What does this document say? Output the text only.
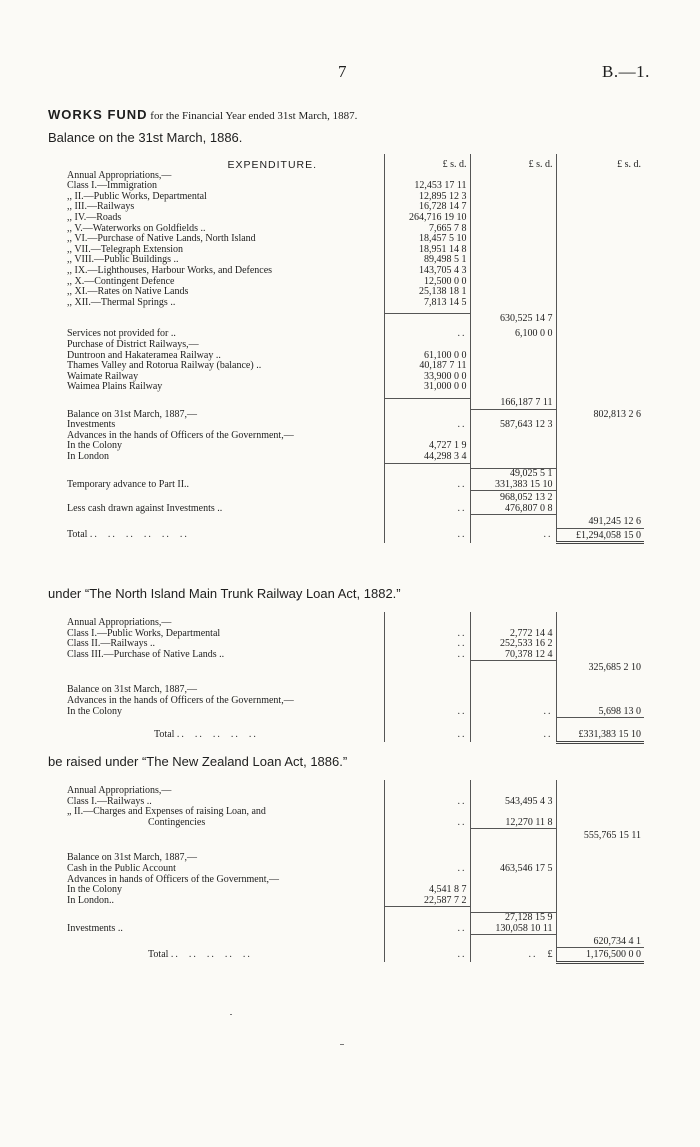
7	B.—1.
WORKS FUND for the Financial Year ended 31st March, 1887.
Balance on the 31st March, 1886.
EXPENDITURE.	£ s. d.	£ s. d.	£ s. d.
Annual Appropriations,—			
Class I.—Immigration	12,453 17 11		
,, II.—Public Works, Departmental	12,895 12 3		
,, III.—Railways	16,728 14 7		
,, IV.—Roads	264,716 19 10		
,, V.—Waterworks on Goldfields ..	7,665 7 8		
,, VI.—Purchase of Native Lands, North Island	18,457 5 10		
,, VII.—Telegraph Extension	18,951 14 8		
,, VIII.—Public Buildings ..	89,498 5 1		
,, IX.—Lighthouses, Harbour Works, and Defences	143,705 4 3		
,, X.—Contingent Defence	12,500 0 0		
,, XI.—Rates on Native Lands	25,138 18 1		
,, XII.—Thermal Springs ..	7,813 14 5		

		630,525 14 7	

Services not provided for ..	..	6,100 0 0	
Purchase of District Railways,—			
Duntroon and Hakateramea Railway ..	61,100 0 0		
Thames Valley and Rotorua Railway (balance) ..	40,187 7 11		
Waimate Railway	33,900 0 0		
Waimea Plains Railway	31,000 0 0		

		166,187 7 11	802,813 2 6
Balance on 31st March, 1887,—			
Investments	..	587,643 12 3	
Advances in the hands of Officers of the Government,—			
In the Colony	4,727 1 9		
In London	44,298 3 4		

		49,025 5 1	
Temporary advance to Part II..	..	331,383 15 10	
		968,052 13 2	
Less cash drawn against Investments ..	..	476,807 0 8	
			491,245 12 6
Total ..  ..  ..  ..  ..  ..	..	..	£1,294,058 15 0
under “The North Island Main Trunk Railway Loan Act, 1882.”
Annual Appropriations,—			
Class I.—Public Works, Departmental	..	2,772 14 4	
Class II.—Railways ..	..	252,533 16 2	
Class III.—Purchase of Native Lands ..	..	70,378 12 4	
			325,685 2 10

Balance on 31st March, 1887,—			
Advances in the hands of Officers of the Government,—			
In the Colony	..	..	5,698 13 0

Total ..  ..  ..  ..  ..	..	..	£331,383 15 10
be raised under “The New Zealand Loan Act, 1886.”
Annual Appropriations,—			
Class I.—Railways ..	..	543,495 4 3	
„ II.—Charges and Expenses of raising Loan, and			
Contingencies	..	12,270 11 8	
			555,765 15 11

Balance on 31st March, 1887,—			
Cash in the Public Account	..	463,546 17 5	
Advances in hands of Officers of the Government,—			
In the Colony	4,541 8 7		
In London..	22,587 7 2		

		27,128 15 9	
Investments ..	..	130,058 10 11	
			620,734 4 1
Total ..  ..  ..  ..  ..	..	.. £	1,176,500 0 0
